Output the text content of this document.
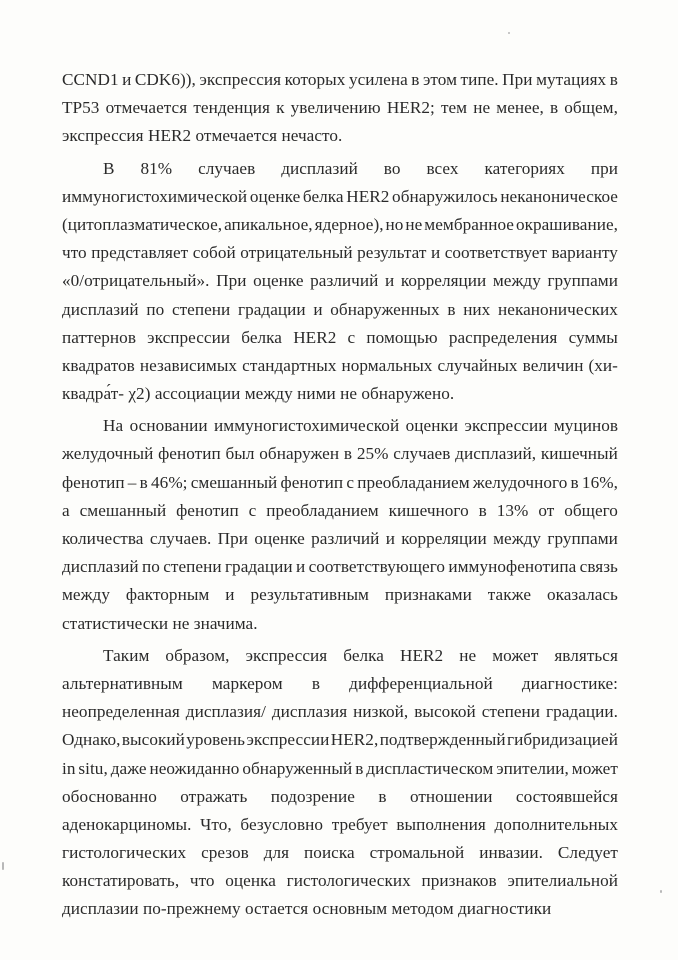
CCND1 и CDK6)), экспрессия которых усилена в этом типе. При мутациях в
TP53 отмечается тенденция к увеличению HER2; тем не менее, в общем,
экспрессия HER2 отмечается нечасто.
В 81% случаев дисплазий во всех категориях при
иммуногистохимической оценке белка HER2 обнаружилось неканоническое
(цитоплазматическое, апикальное, ядерное), но не мембранное окрашивание,
что представляет собой отрицательный результат и соответствует варианту
«0/отрицательный». При оценке различий и корреляции между группами
дисплазий по степени градации и обнаруженных в них неканонических
паттернов экспрессии белка HER2 с помощью распределения суммы
квадратов независимых стандартных нормальных случайных величин (хи-
квадра́т- χ2) ассоциации между ними не обнаружено.
На основании иммуногистохимической оценки экспрессии муцинов
желудочный фенотип был обнаружен в 25% случаев дисплазий, кишечный
фенотип – в 46%; смешанный фенотип с преобладанием желудочного в 16%,
а смешанный фенотип с преобладанием кишечного в 13% от общего
количества случаев. При оценке различий и корреляции между группами
дисплазий по степени градации и соответствующего иммунофенотипа связь
между факторным и результативным признаками также оказалась
статистически не значима.
Таким образом, экспрессия белка HER2 не может являться
альтернативным маркером в дифференциальной диагностике:
неопределенная дисплазия/ дисплазия низкой, высокой степени градации.
Однако, высокий уровень экспрессии HER2, подтвержденный гибридизацией
in situ, даже неожиданно обнаруженный в диспластическом эпителии, может
обоснованно отражать подозрение в отношении состоявшейся
аденокарциномы. Что, безусловно требует выполнения дополнительных
гистологических срезов для поиска стромальной инвазии. Следует
констатировать, что оценка гистологических признаков эпителиальной
дисплазии по-прежнему остается основным методом диагностики
